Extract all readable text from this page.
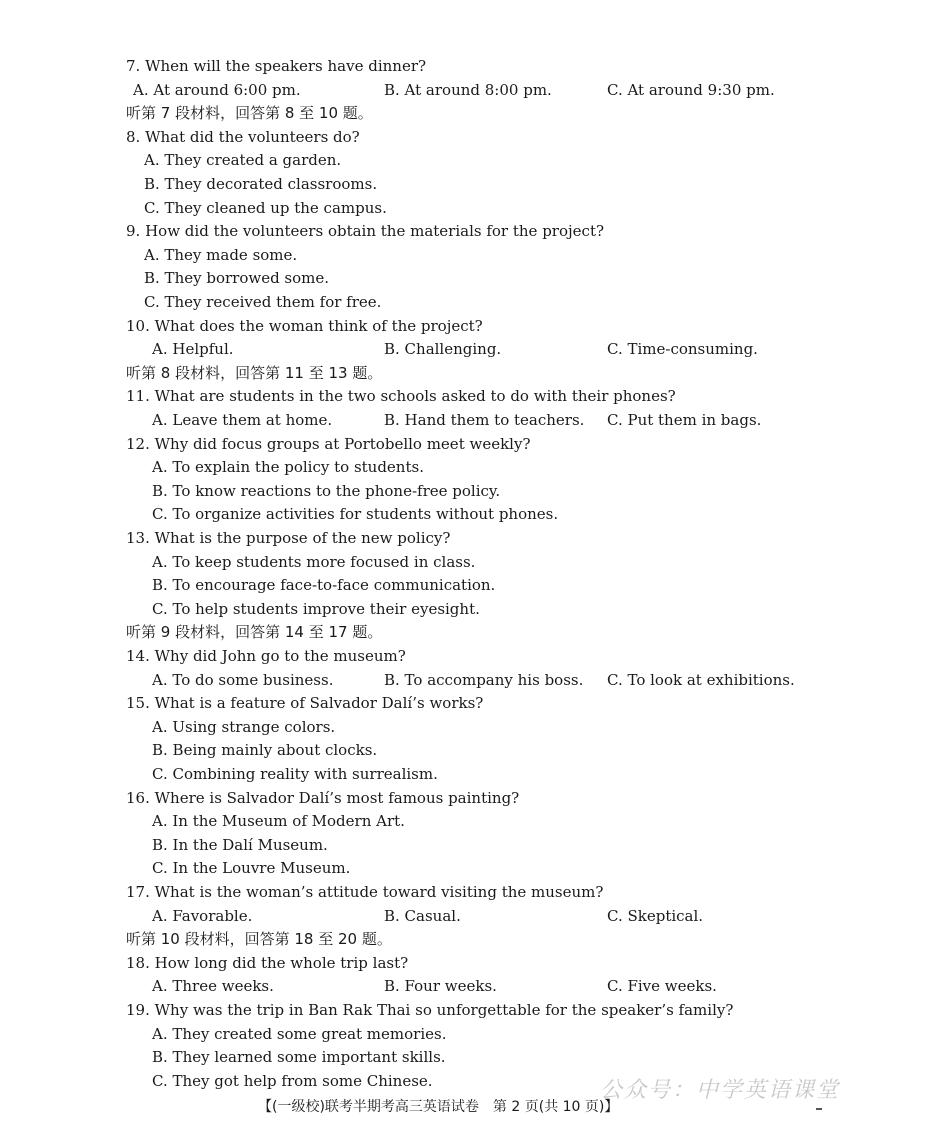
7. When will the speakers have dinner?
A. At around 6:00 pm.	B. At around 8:00 pm.	C. At around 9:30 pm.
听第 7 段材料，回答第 8 至 10 题。
8. What did the volunteers do?
A. They created a garden.
B. They decorated classrooms.
C. They cleaned up the campus.
9. How did the volunteers obtain the materials for the project?
A. They made some.
B. They borrowed some.
C. They received them for free.
10. What does the woman think of the project?
A. Helpful.	B. Challenging.	C. Time-consuming.
听第 8 段材料，回答第 11 至 13 题。
11. What are students in the two schools asked to do with their phones?
A. Leave them at home.	B. Hand them to teachers. C. Put them in bags.
12. Why did focus groups at Portobello meet weekly?
A. To explain the policy to students.
B. To know reactions to the phone-free policy.
C. To organize activities for students without phones.
13. What is the purpose of the new policy?
A. To keep students more focused in class.
B. To encourage face-to-face communication.
C. To help students improve their eyesight.
听第 9 段材料，回答第 14 至 17 题。
14. Why did John go to the museum?
A. To do some business.	B. To accompany his boss. C. To look at exhibitions.
15. What is a feature of Salvador Dalí’s works?
A. Using strange colors.
B. Being mainly about clocks.
C. Combining reality with surrealism.
16. Where is Salvador Dalí’s most famous painting?
A. In the Museum of Modern Art.
B. In the Dalí Museum.
C. In the Louvre Museum.
17. What is the woman’s attitude toward visiting the museum?
A. Favorable.	B. Casual.	C. Skeptical.
听第 10 段材料，回答第 18 至 20 题。
18. How long did the whole trip last?
A. Three weeks.	B. Four weeks.	C. Five weeks.
19. Why was the trip in Ban Rak Thai so unforgettable for the speaker’s family?
A. They created some great memories.
B. They learned some important skills.
C. They got help from some Chinese.	公众号：中学英语课堂
【(一级校)联考半期考高三英语试卷　第 2 页(共 10 页)】
